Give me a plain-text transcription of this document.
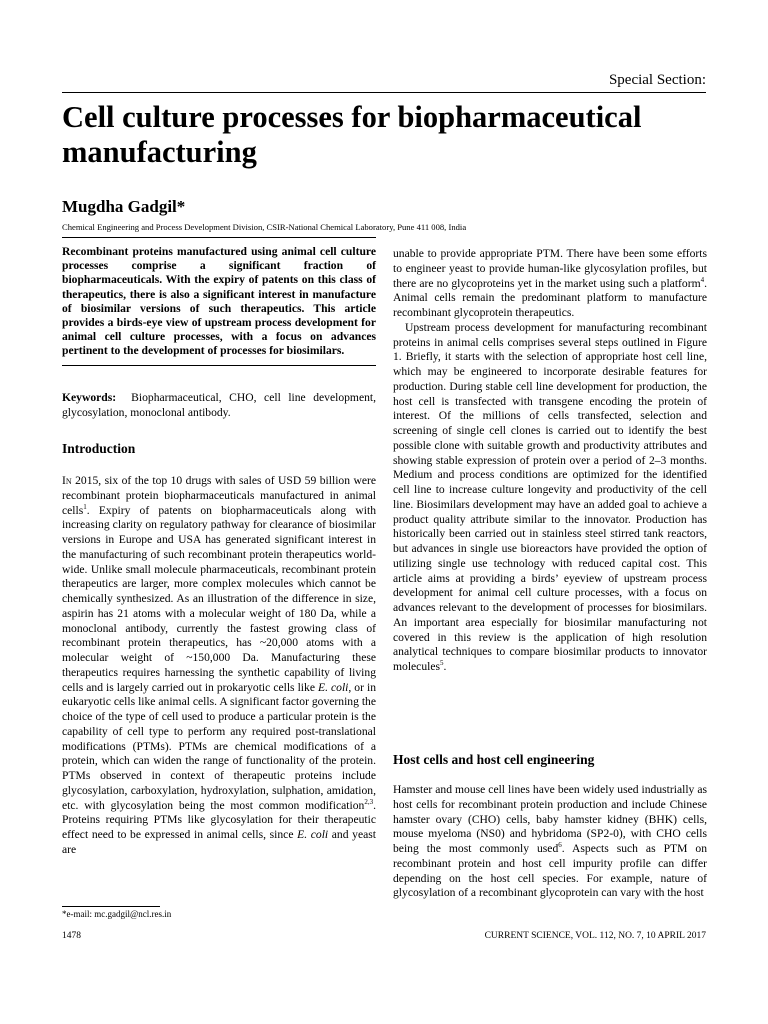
Special Section:
Cell culture processes for biopharmaceutical manufacturing
Mugdha Gadgil*
Chemical Engineering and Process Development Division, CSIR-National Chemical Laboratory, Pune 411 008, India

Recombinant proteins manufactured using animal cell culture processes comprise a significant fraction of biopharmaceuticals. With the expiry of patents on this class of therapeutics, there is also a significant interest in manufacture of biosimilar versions of such therapeutics. This article provides a birds-eye view of upstream process development for animal cell culture processes, with a focus on advances pertinent to the development of processes for biosimilars.

Keywords: Biopharmaceutical, CHO, cell line development, glycosylation, monoclonal antibody.
Introduction

In 2015, six of the top 10 drugs with sales of USD 59 billion were recombinant protein biopharmaceuticals manufactured in animal cells$^1$. Expiry of patents on biopharmaceuticals along with increasing clarity on regulatory pathway for clearance of biosimilar versions in Europe and USA has generated significant interest in the manufacturing of such recombinant protein therapeutics world-wide. Unlike small molecule pharmaceuticals, recombinant protein therapeutics are larger, more complex molecules which cannot be chemically synthesized. As an illustration of the difference in size, aspirin has 21 atoms with a molecular weight of 180 Da, while a monoclonal antibody, currently the fastest growing class of recombinant protein therapeutics, has ~20,000 atoms with a molecular weight of ~150,000 Da. Manufacturing these therapeutics requires harnessing the synthetic capability of living cells and is largely carried out in prokaryotic cells like E. coli, or in eukaryotic cells like animal cells. A significant factor governing the choice of the type of cell used to produce a particular protein is the capability of cell type to perform any required post-translational modifications (PTMs). PTMs are chemical modifications of a protein, which can widen the range of functionality of the protein. PTMs observed in context of therapeutic proteins include glycosylation, carboxylation, hydroxylation, sulphation, amidation, etc. with glycosylation being the most common modification$^{2,3}$. Proteins requiring PTMs like glycosylation for their therapeutic effect need to be expressed in animal cells, since E. coli and yeast are

unable to provide appropriate PTM. There have been some efforts to engineer yeast to provide human-like glycosylation profiles, but there are no glycoproteins yet in the market using such a platform$^4$. Animal cells remain the predominant platform to manufacture recombinant glycoprotein therapeutics.

Upstream process development for manufacturing recombinant proteins in animal cells comprises several steps outlined in Figure 1. Briefly, it starts with the selection of appropriate host cell line, which may be engineered to incorporate desirable features for production. During stable cell line development for production, the host cell is transfected with transgene encoding the protein of interest. Of the millions of cells transfected, selection and screening of single cell clones is carried out to identify the best possible clone with suitable growth and productivity attributes and showing stable expression of protein over a period of 2–3 months. Medium and process conditions are optimized for the identified cell line to increase culture longevity and productivity of the cell line. Biosimilars development may have an added goal to achieve a product quality attribute similar to the innovator. Production has historically been carried out in stainless steel stirred tank reactors, but advances in single use bioreactors have provided the option of utilizing single use technology with reduced capital cost. This article aims at providing a birds’ eyeview of upstream process development for animal cell culture processes, with a focus on advances relevant to the development of processes for biosimilars. An important area especially for biosimilar manufacturing not covered in this review is the application of high resolution analytical techniques to compare biosimilar products to innovator molecules$^5$.

Host cells and host cell engineering

Hamster and mouse cell lines have been widely used industrially as host cells for recombinant protein production and include Chinese hamster ovary (CHO) cells, baby hamster kidney (BHK) cells, mouse myeloma (NS0) and hybridoma (SP2-0), with CHO cells being the most commonly used$^6$. Aspects such as PTM on recombinant protein and host cell impurity profile can differ depending on the host cell species. For example, nature of glycosylation of a recombinant glycoprotein can vary with the host

*e-mail: mc.gadgil@ncl.res.in
1478	CURRENT SCIENCE, VOL. 112, NO. 7, 10 APRIL 2017
